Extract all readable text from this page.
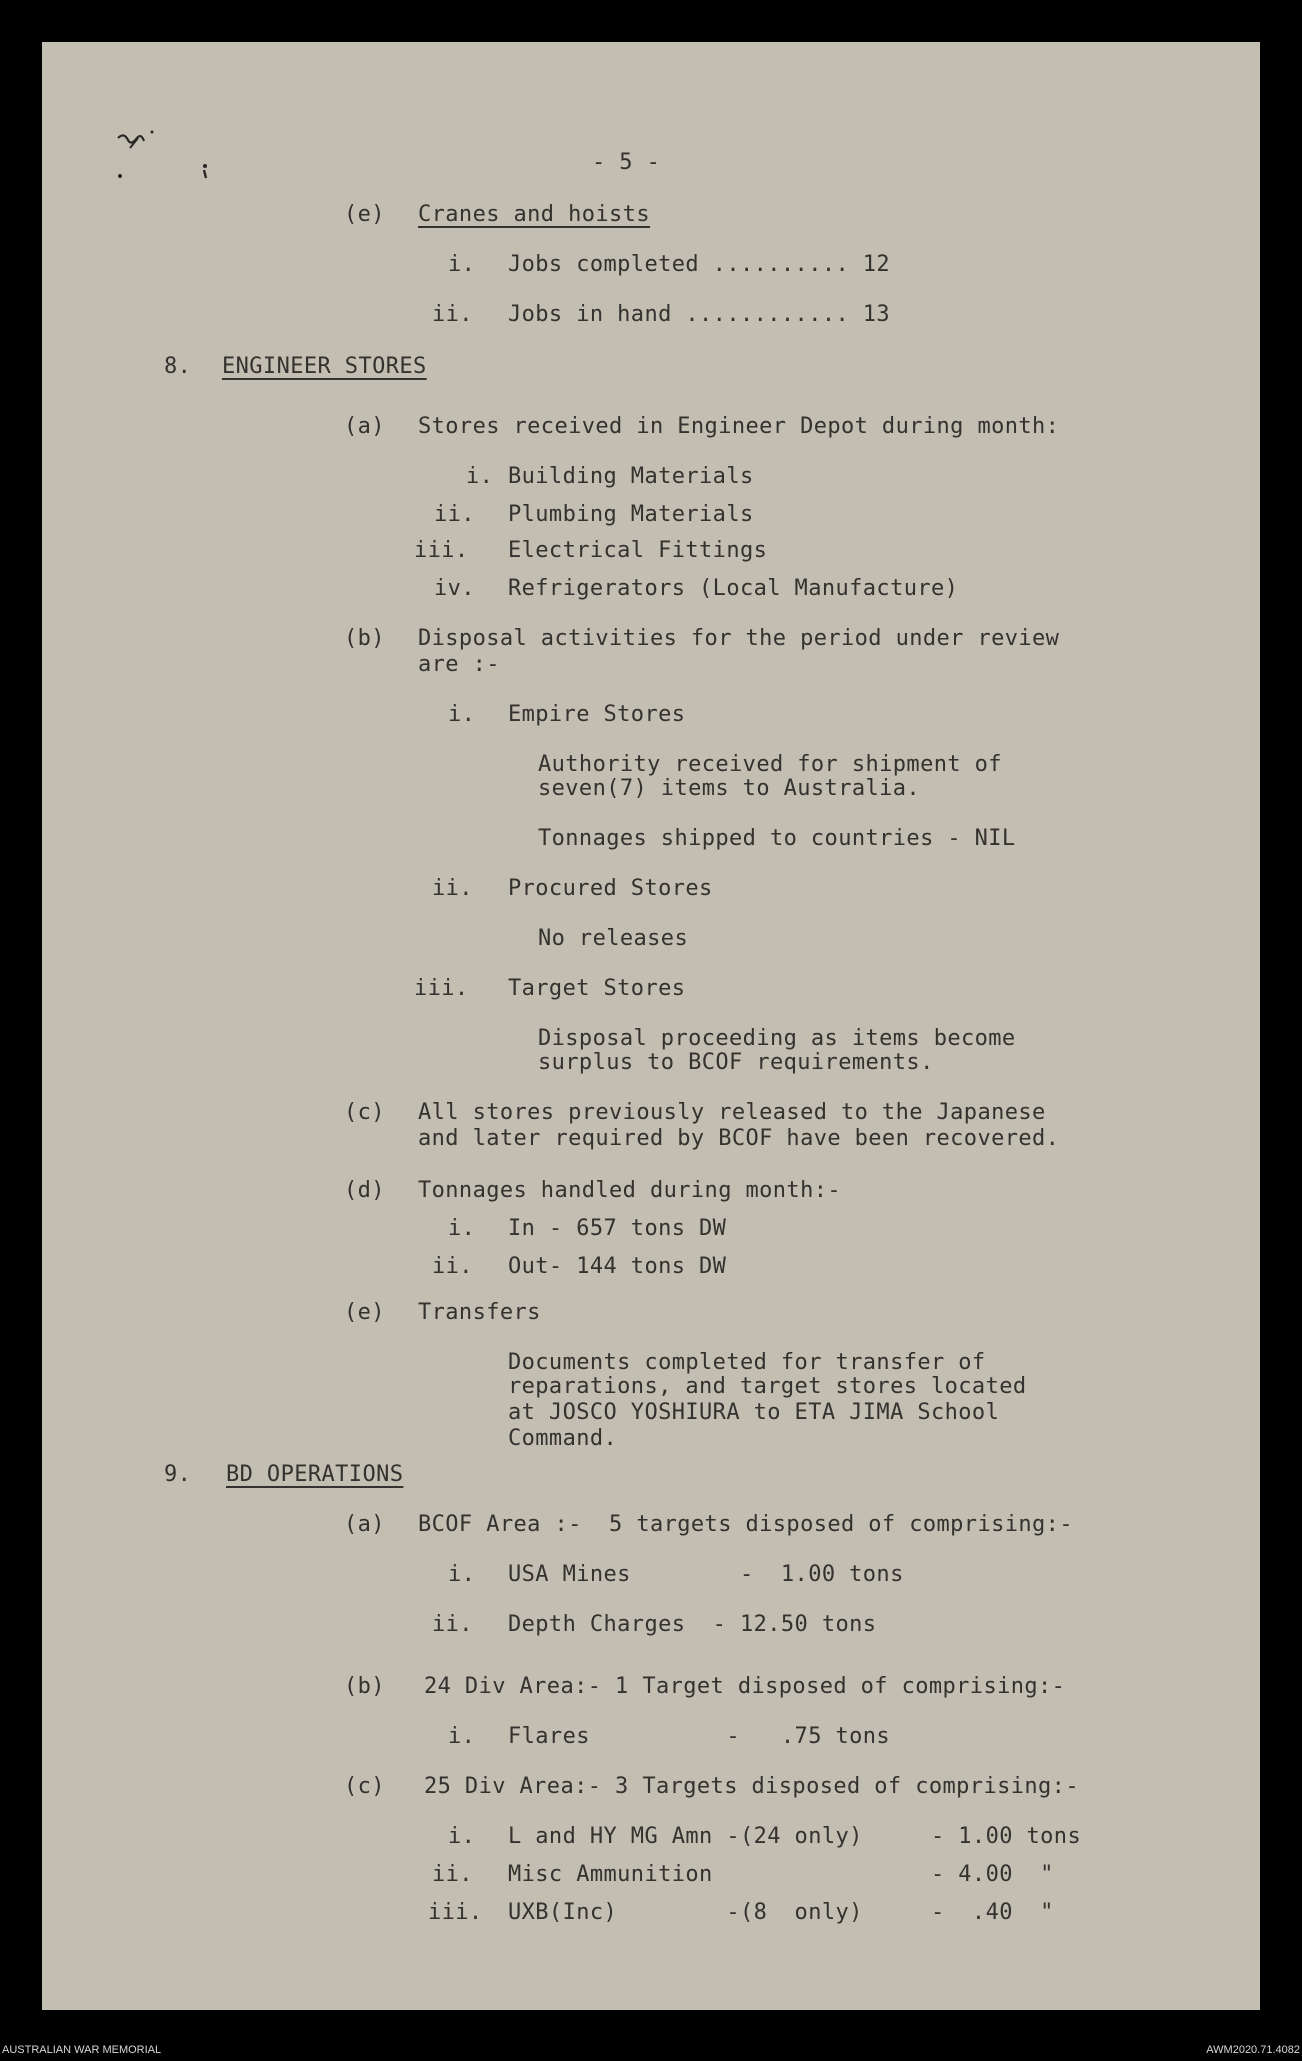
- 5 -
(e) Cranes and hoists
i. Jobs completed .......... 12
ii. Jobs in hand ............ 13
8. ENGINEER STORES
(a) Stores received in Engineer Depot during month:
i. Building Materials
ii. Plumbing Materials
iii. Electrical Fittings
iv. Refrigerators (Local Manufacture)
(b) Disposal activities for the period under review
are :-
i. Empire Stores
Authority received for shipment of
seven(7) items to Australia.
Tonnages shipped to countries - NIL
ii. Procured Stores
No releases
iii. Target Stores
Disposal proceeding as items become
surplus to BCOF requirements.
(c) All stores previously released to the Japanese
and later required by BCOF have been recovered.
(d) Tonnages handled during month:-
i. In - 657 tons DW
ii. Out- 144 tons DW
(e) Transfers
Documents completed for transfer of
reparations, and target stores located
at JOSCO YOSHIURA to ETA JIMA School
Command.
9. BD OPERATIONS
(a) BCOF Area :-  5 targets disposed of comprising:-
i. USA Mines        -  1.00 tons
ii. Depth Charges  - 12.50 tons
(b) 24 Div Area:- 1 Target disposed of comprising:-
i. Flares          -   .75 tons
(c) 25 Div Area:- 3 Targets disposed of comprising:-
i. L and HY MG Amn -(24 only)     - 1.00 tons
ii. Misc Ammunition                - 4.00  "
iii. UXB(Inc)        -(8  only)     -  .40  "
AUSTRALIAN WAR MEMORIAL	AWM2020.71.4082
